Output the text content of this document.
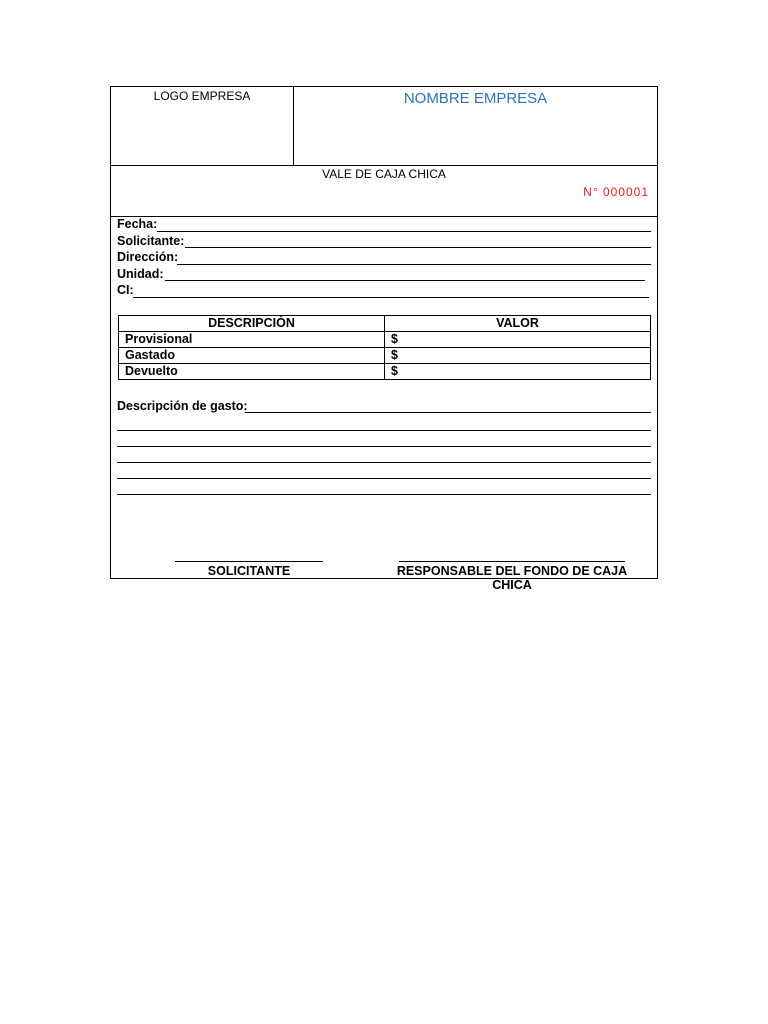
LOGO EMPRESA	NOMBRE EMPRESA
VALE DE CAJA CHICA
N° 000001
Fecha:
Solicitante:
Dirección:
Unidad:
CI:
DESCRIPCIÓN	VALOR
Provisional	$
Gastado	$
Devuelto	$
Descripción de gasto:
SOLICITANTE	RESPONSABLE DEL FONDO DE CAJA CHICA
